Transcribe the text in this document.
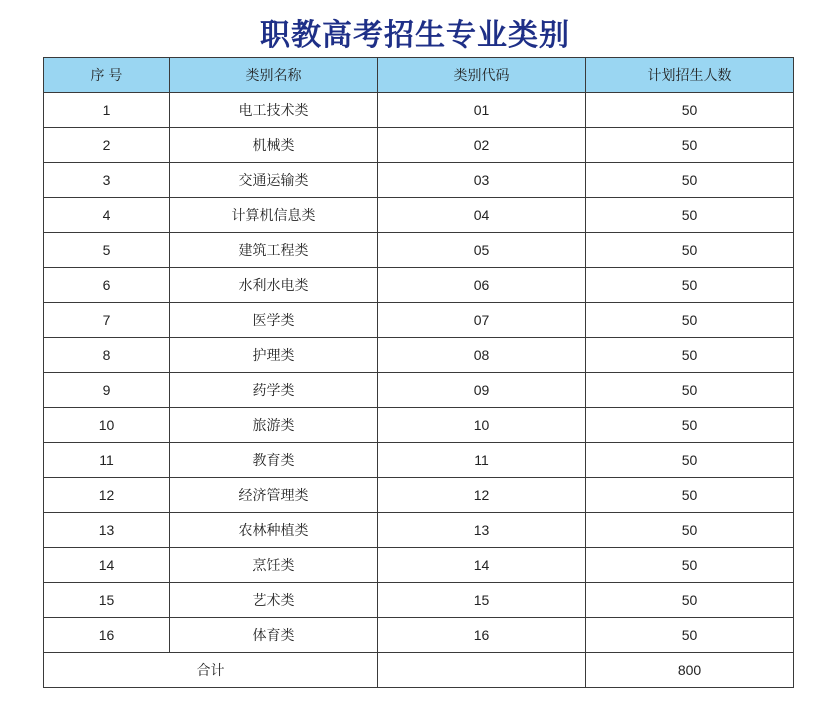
职教高考招生专业类别
序 号	类别名称	类别代码	计划招生人数
1	电工技术类	01	50
2	机械类	02	50
3	交通运输类	03	50
4	计算机信息类	04	50
5	建筑工程类	05	50
6	水利水电类	06	50
7	医学类	07	50
8	护理类	08	50
9	药学类	09	50
10	旅游类	10	50
11	教育类	11	50
12	经济管理类	12	50
13	农林种植类	13	50
14	烹饪类	14	50
15	艺术类	15	50
16	体育类	16	50
合计			800
